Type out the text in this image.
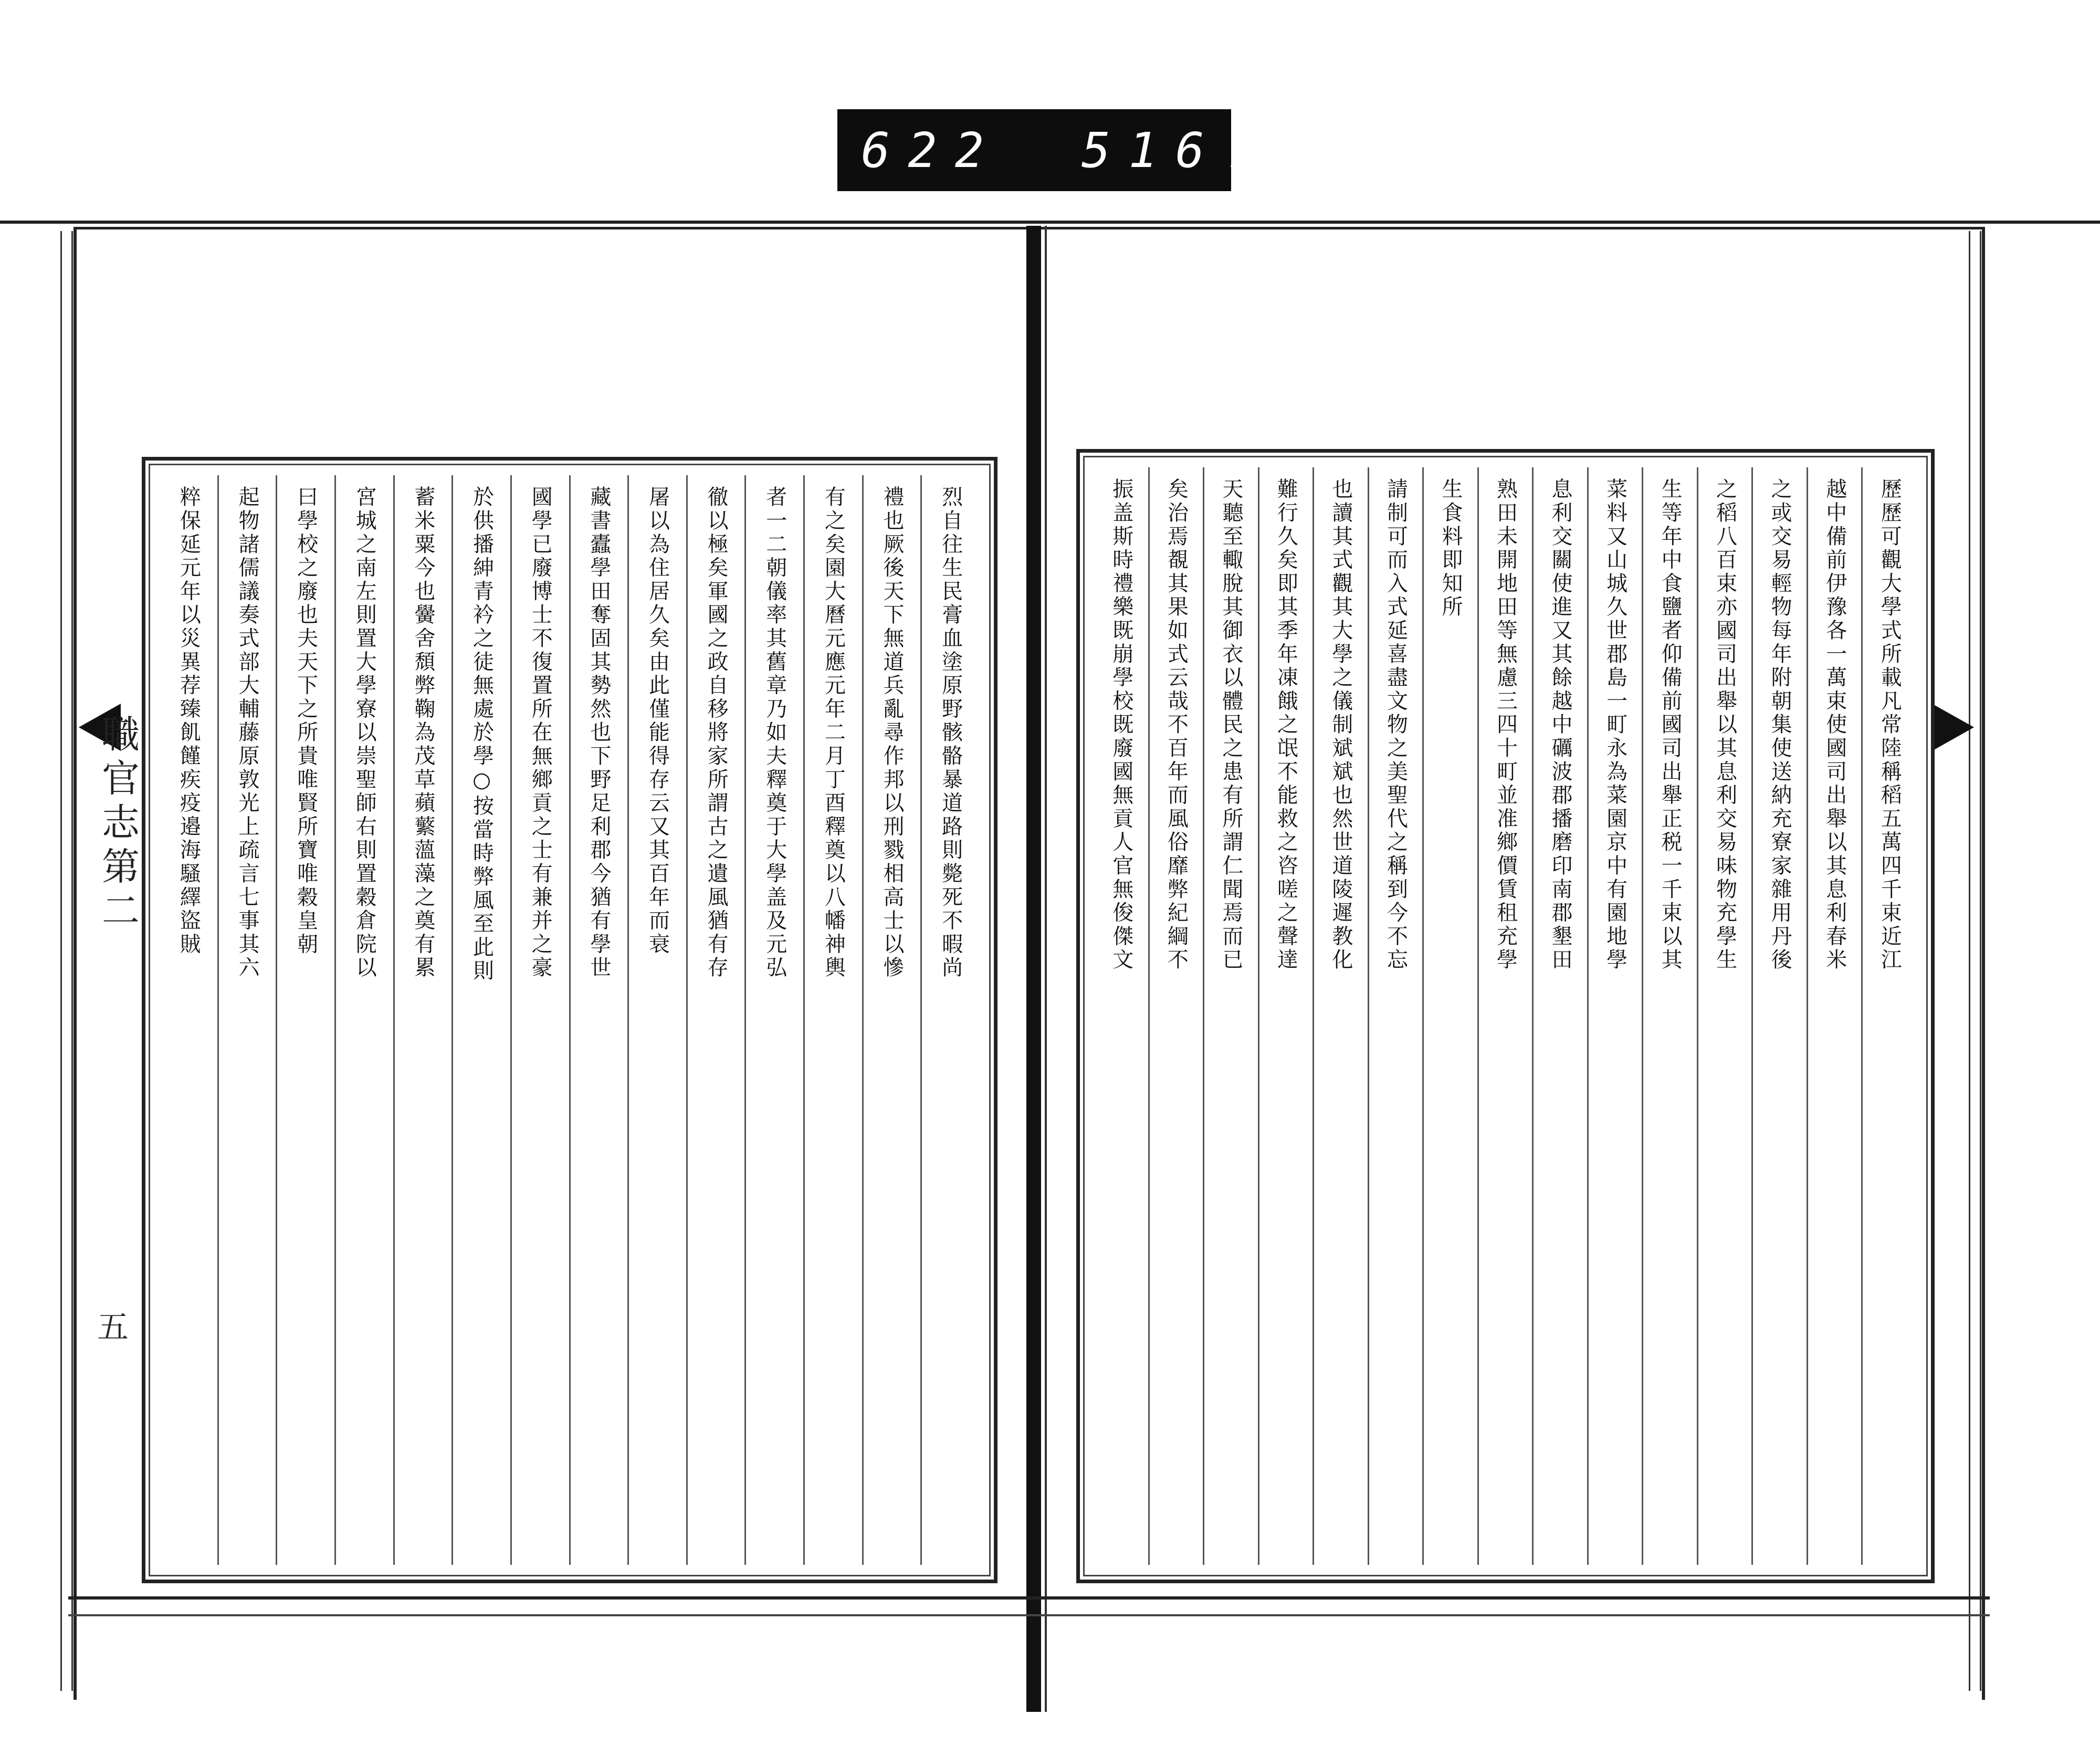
622 516.
職官志第二
五
烈自往生民膏血塗原野骸骼暴道路則斃死不暇尚
禮也厥後天下無道兵亂尋作邦以刑戮相高士以慘
有之矣園大曆元應元年二月丁酉釋奠以八幡神輿
者一二朝儀率其舊章乃如夫釋奠于大學盖及元弘
徹以極矣軍國之政自移將家所謂古之遺風猶有存
屠以為住居久矣由此僅能得存云又其百年而衰
藏書蠹學田奪固其勢然也下野足利郡今猶有學世
國學已廢博士不復置所在無鄉貢之士有兼并之豪
於供播紳青衿之徒無處於學○按當時弊風至此則
蓄米粟今也黌舍頹弊鞠為茂草蘋蘩薀藻之奠有累
宮城之南左則置大學寮以崇聖師右則置穀倉院以
曰學校之廢也夫天下之所貴唯賢所寶唯穀皇朝
起物諸儒議奏式部大輔藤原敦光上疏言七事其六
粹保延元年以災異荐臻飢饉疾疫邉海騷繹盜賊	歷歷可觀大學式所載凡常陸稱稻五萬四千束近江
越中備前伊豫各一萬束使國司出舉以其息利春米
之或交易輕物每年附朝集使送納充寮家雜用丹後
之稻八百束亦國司出舉以其息利交易味物充學生
生等年中食鹽者仰備前國司出舉正税一千束以其
菜料又山城久世郡島一町永為菜園京中有園地學
息利交關使進又其餘越中礪波郡播磨印南郡墾田
熟田未開地田等無慮三四十町並准鄉價賃租充學
生食料即知所
請制可而入式延喜盡文物之美聖代之稱到今不忘
也讀其式觀其大學之儀制斌斌也然世道陵遲教化
難行久矣即其季年凍餓之氓不能救之咨嗟之聲達
天聽至輙脫其御衣以體民之患有所謂仁聞焉而已
矣治焉覩其果如式云哉不百年而風俗靡弊紀綱不
振盖斯時禮樂既崩學校既廢國無貢人官無俊傑文
